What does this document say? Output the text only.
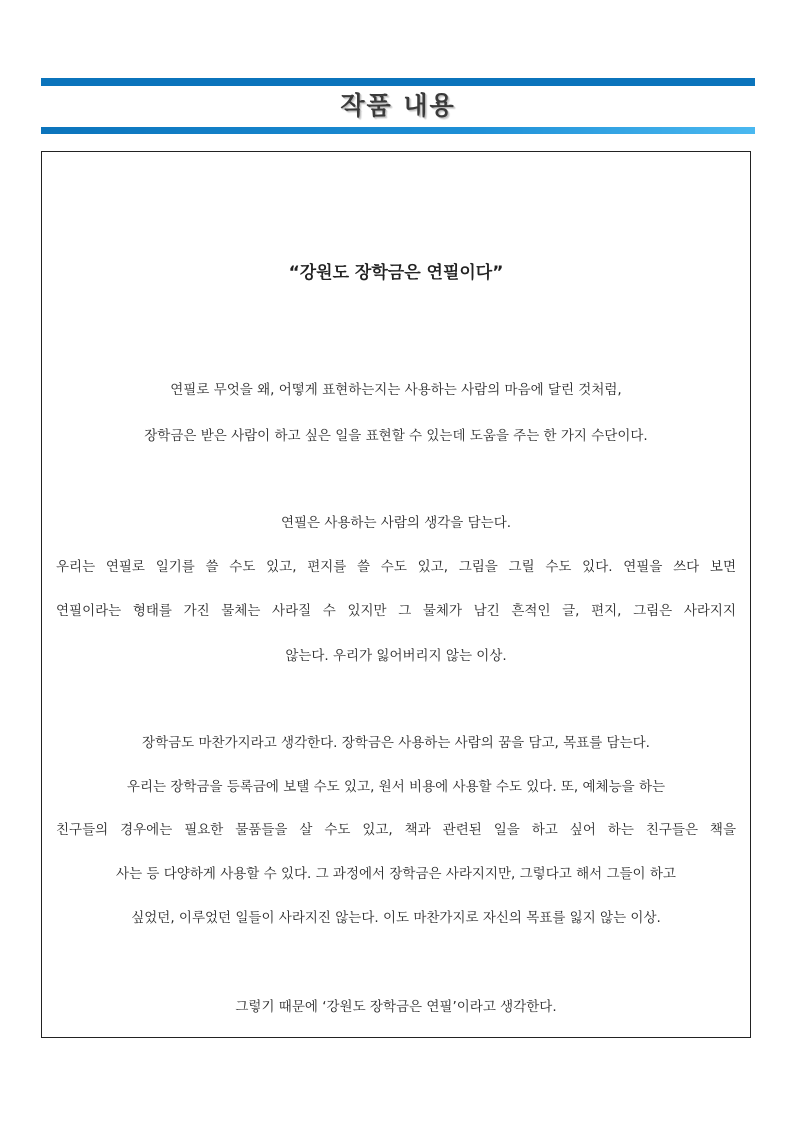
작품 내용
“강원도 장학금은 연필이다”
연필로 무엇을 왜, 어떻게 표현하는지는 사용하는 사람의 마음에 달린 것처럼,
장학금은 받은 사람이 하고 싶은 일을 표현할 수 있는데 도움을 주는 한 가지 수단이다.
연필은 사용하는 사람의 생각을 담는다.
우리는 연필로 일기를 쓸 수도 있고, 편지를 쓸 수도 있고, 그림을 그릴 수도 있다. 연필을 쓰다 보면
연필이라는 형태를 가진 물체는 사라질 수 있지만 그 물체가 남긴 흔적인 글, 편지, 그림은 사라지지
않는다. 우리가 잃어버리지 않는 이상.
장학금도 마찬가지라고 생각한다. 장학금은 사용하는 사람의 꿈을 담고, 목표를 담는다.
우리는 장학금을 등록금에 보탤 수도 있고, 원서 비용에 사용할 수도 있다. 또, 예체능을 하는
친구들의 경우에는 필요한 물품들을 살 수도 있고, 책과 관련된 일을 하고 싶어 하는 친구들은 책을
사는 등 다양하게 사용할 수 있다. 그 과정에서 장학금은 사라지지만, 그렇다고 해서 그들이 하고
싶었던, 이루었던 일들이 사라지진 않는다. 이도 마찬가지로 자신의 목표를 잃지 않는 이상.
그렇기 때문에 ‘강원도 장학금은 연필’이라고 생각한다.
